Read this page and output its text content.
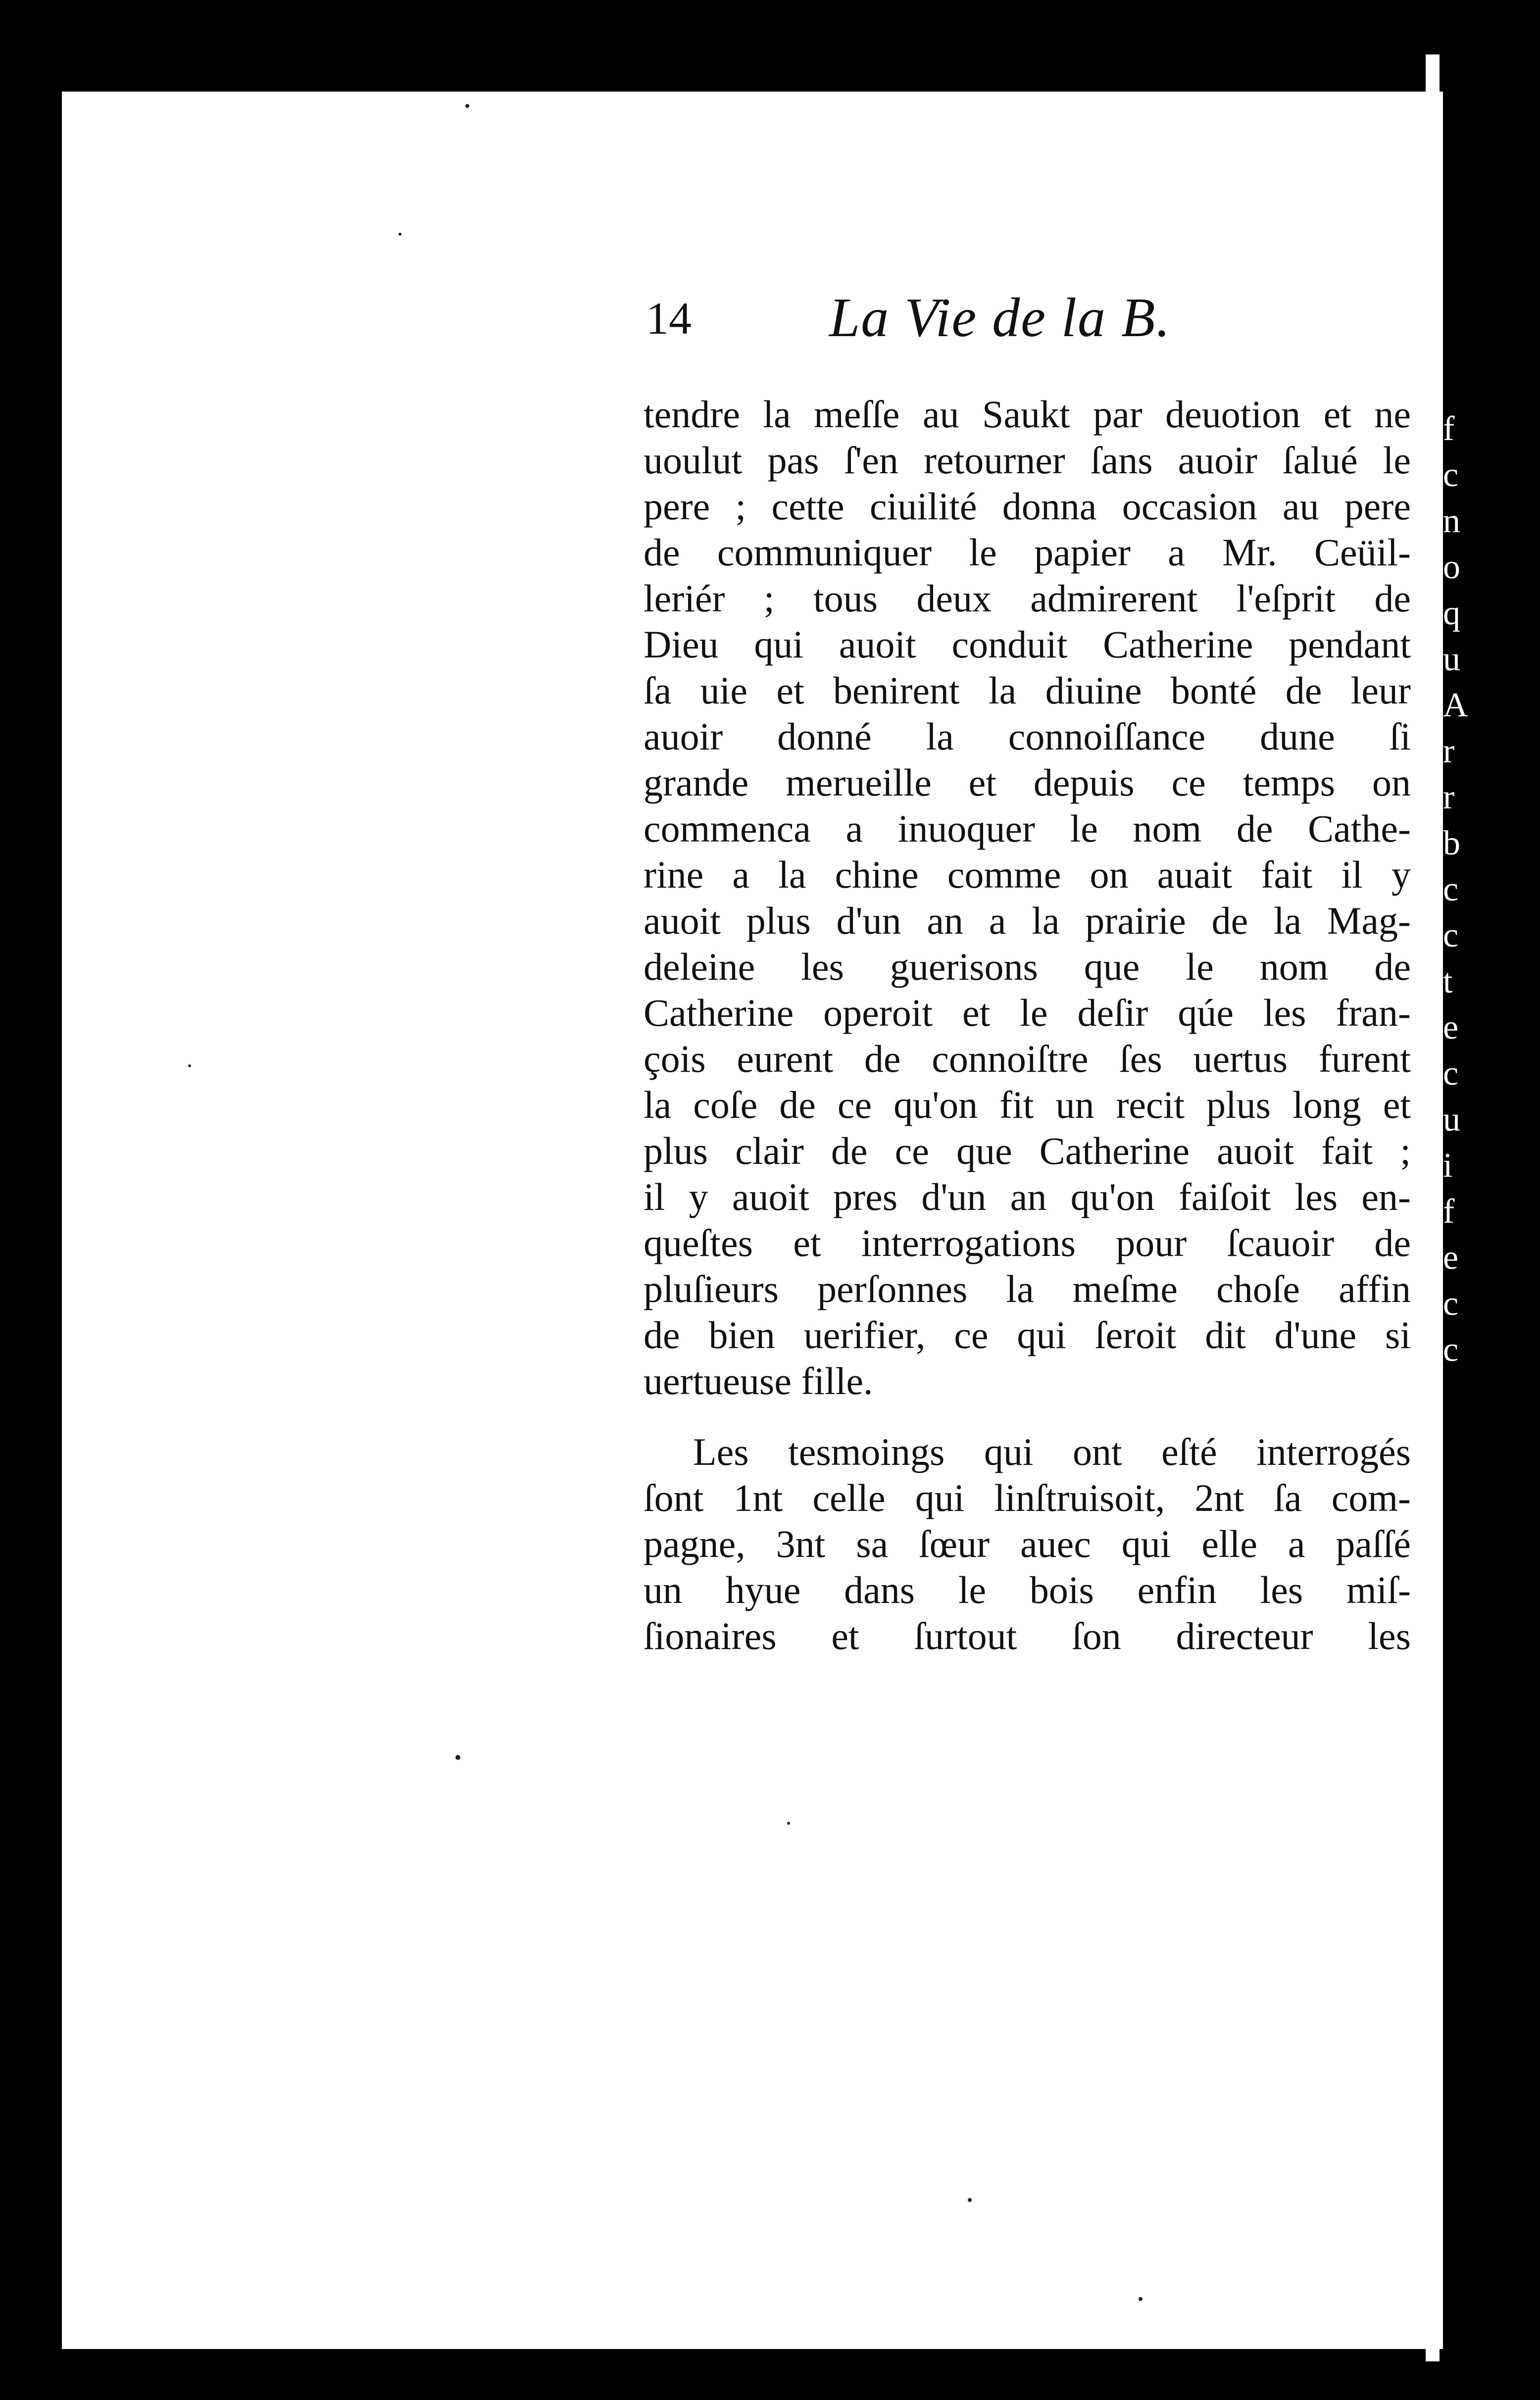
14 La Vie de la B.
tendre la meſſe au Saukt par deuotion et ne
uoulut pas ſ'en retourner ſans auoir ſalué le
pere ; cette ciuilité donna occasion au pere
de communiquer le papier a Mr. Ceüil-
leriér ; tous deux admirerent l'eſprit de
Dieu qui auoit conduit Catherine pendant
ſa uie et benirent la diuine bonté de leur
auoir donné la connoiſſance dune ſi
grande merueille et depuis ce temps on
commenca a inuoquer le nom de Cathe-
rine a la chine comme on auait fait il y
auoit plus d'un an a la prairie de la Mag-
deleine les guerisons que le nom de
Catherine operoit et le deſir qúe les fran-
çois eurent de connoiſtre ſes uertus furent
la coſe de ce qu'on fit un recit plus long et
plus clair de ce que Catherine auoit fait ;
il y auoit pres d'un an qu'on faiſoit les en-
queſtes et interrogations pour ſcauoir de
pluſieurs perſonnes la meſme choſe affin
de bien uerifier, ce qui ſeroit dit d'une si
uertueuse fille.
Les tesmoings qui ont eſté interrogés
ſont 1nt celle qui linſtruisoit, 2nt ſa com-
pagne, 3nt sa ſœur auec qui elle a paſſé
un hyue dans le bois enfin les miſ-
ſionaires et ſurtout ſon directeur les
f
c
n
o
q
u
A
r
r
b
c
c
t
e
c
u
i
f
e
c
c
